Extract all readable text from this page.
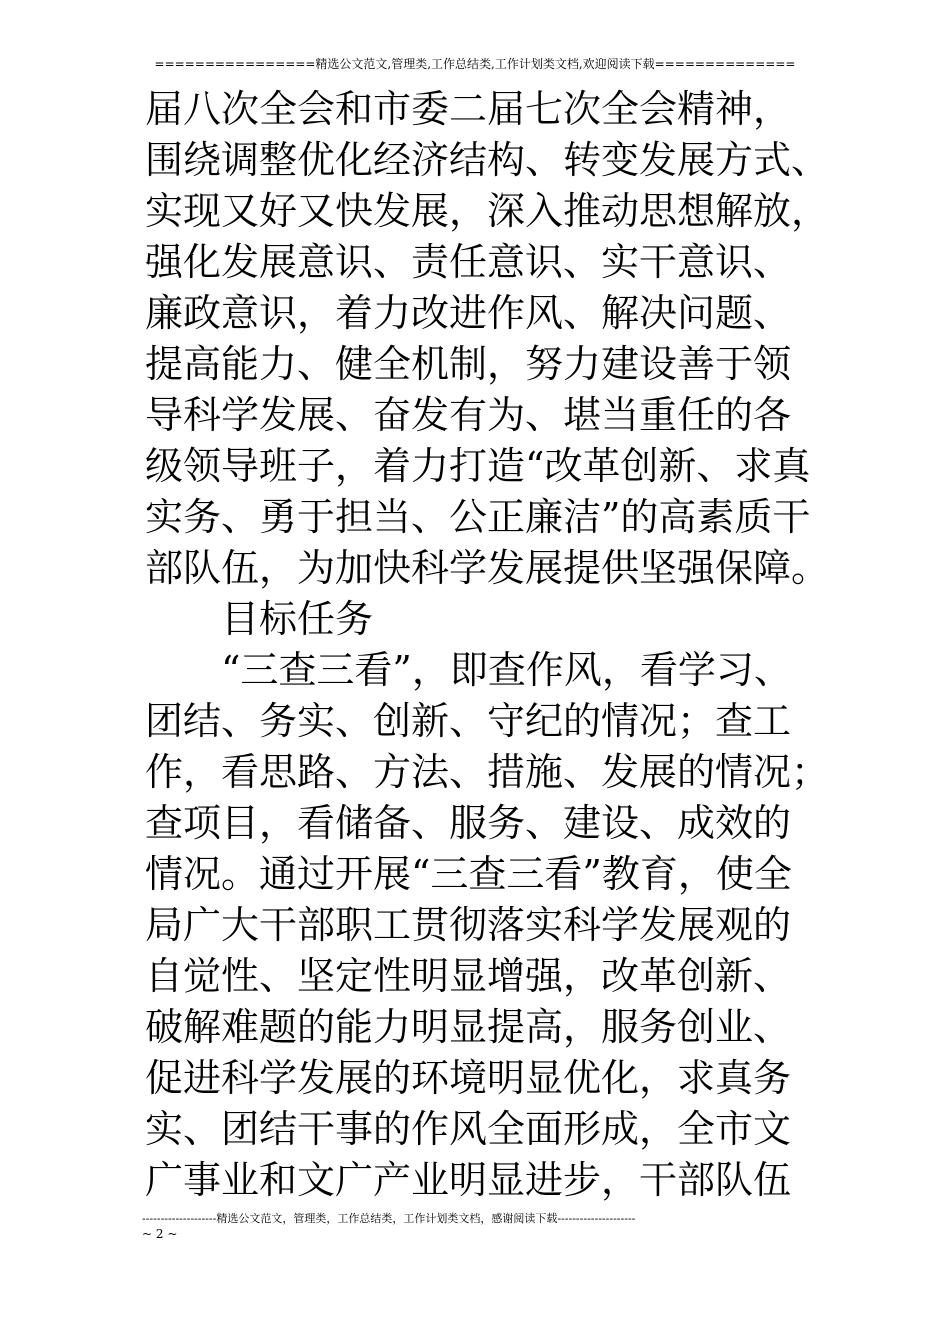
================精选公文范文,管理类,工作总结类,工作计划类文档,欢迎阅读下载==============
届八次全会和市委二届七次全会精神，
围绕调整优化经济结构、转变发展方式、
实现又好又快发展，深入推动思想解放，
强化发展意识、责任意识、实干意识、
廉政意识，着力改进作风、解决问题、
提高能力、健全机制，努力建设善于领
导科学发展、奋发有为、堪当重任的各
级领导班子，着力打造“改革创新、求真
实务、勇于担当、公正廉洁”的高素质干
部队伍，为加快科学发展提供坚强保障。
目标任务
“三查三看”，即查作风，看学习、
团结、务实、创新、守纪的情况；查工
作，看思路、方法、措施、发展的情况；
查项目，看储备、服务、建设、成效的
情况。通过开展“三查三看”教育，使全
局广大干部职工贯彻落实科学发展观的
自觉性、坚定性明显增强，改革创新、
破解难题的能力明显提高，服务创业、
促进科学发展的环境明显优化，求真务
实、团结干事的作风全面形成，全市文
广事业和文广产业明显进步，干部队伍
--------------------精选公文范文，管理类，工作总结类，工作计划类文档，感谢阅读下载---------------------
~ 2 ~
